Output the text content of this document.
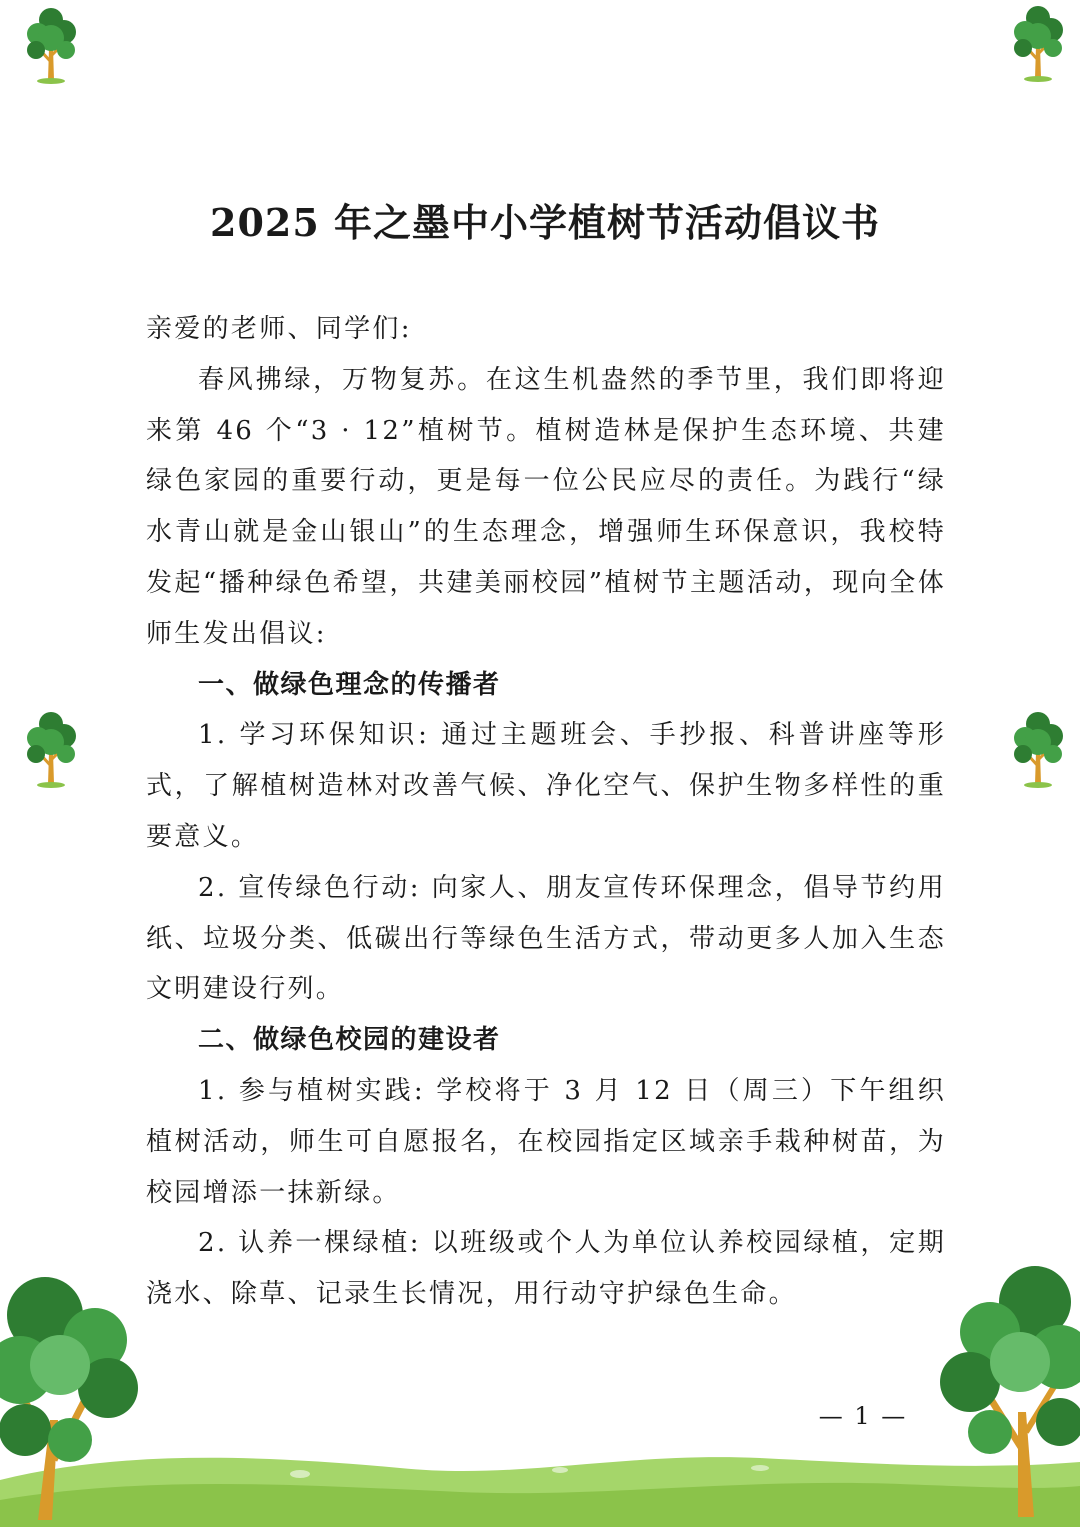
2025 年之墨中小学植树节活动倡议书

亲爱的老师、同学们:

春风拂绿，万物复苏。在这生机盎然的季节里，我们即将迎来第 46 个“3 · 12”植树节。植树造林是保护生态环境、共建绿色家园的重要行动，更是每一位公民应尽的责任。为践行“绿水青山就是金山银山”的生态理念，增强师生环保意识，我校特发起“播种绿色希望，共建美丽校园”植树节主题活动，现向全体师生发出倡议:

一、做绿色理念的传播者

1. 学习环保知识: 通过主题班会、手抄报、科普讲座等形式，了解植树造林对改善气候、净化空气、保护生物多样性的重要意义。

2. 宣传绿色行动: 向家人、朋友宣传环保理念，倡导节约用纸、垃圾分类、低碳出行等绿色生活方式，带动更多人加入生态文明建设行列。

二、做绿色校园的建设者

1. 参与植树实践: 学校将于 3 月 12 日（周三）下午组织植树活动，师生可自愿报名，在校园指定区域亲手栽种树苗，为校园增添一抹新绿。

2. 认养一棵绿植: 以班级或个人为单位认养校园绿植，定期浇水、除草、记录生长情况，用行动守护绿色生命。

— 1 —
